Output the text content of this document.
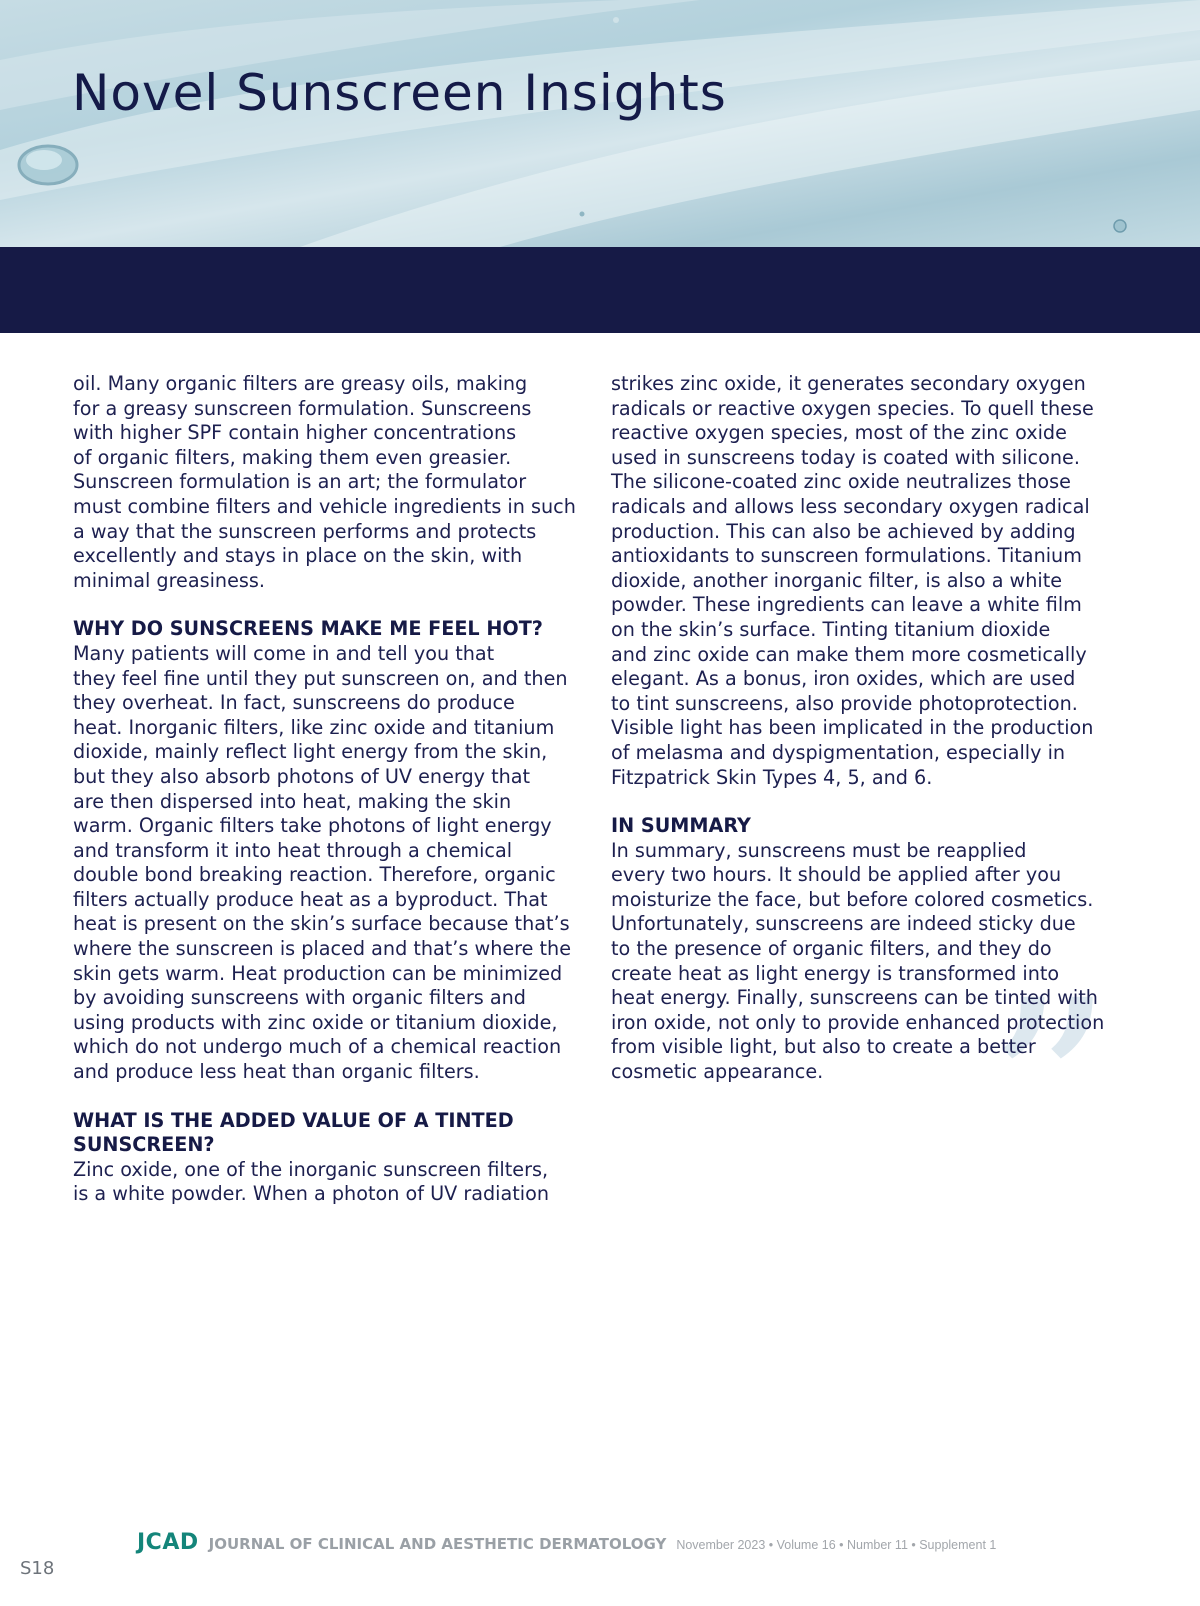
Novel Sunscreen Insights
”

oil. Many organic filters are greasy oils, making
for a greasy sunscreen formulation. Sunscreens
with higher SPF contain higher concentrations
of organic filters, making them even greasier.
Sunscreen formulation is an art; the formulator
must combine filters and vehicle ingredients in such
a way that the sunscreen performs and protects
excellently and stays in place on the skin, with
minimal greasiness.

WHY DO SUNSCREENS MAKE ME FEEL HOT?

Many patients will come in and tell you that
they feel fine until they put sunscreen on, and then
they overheat. In fact, sunscreens do produce
heat. Inorganic filters, like zinc oxide and titanium
dioxide, mainly reflect light energy from the skin,
but they also absorb photons of UV energy that
are then dispersed into heat, making the skin
warm. Organic filters take photons of light energy
and transform it into heat through a chemical
double bond breaking reaction. Therefore, organic
filters actually produce heat as a byproduct. That
heat is present on the skin’s surface because that’s
where the sunscreen is placed and that’s where the
skin gets warm. Heat production can be minimized
by avoiding sunscreens with organic filters and
using products with zinc oxide or titanium dioxide,
which do not undergo much of a chemical reaction
and produce less heat than organic filters.

WHAT IS THE ADDED VALUE OF A TINTED
SUNSCREEN?

Zinc oxide, one of the inorganic sunscreen filters,
is a white powder. When a photon of UV radiation

strikes zinc oxide, it generates secondary oxygen
radicals or reactive oxygen species. To quell these
reactive oxygen species, most of the zinc oxide
used in sunscreens today is coated with silicone.
The silicone-coated zinc oxide neutralizes those
radicals and allows less secondary oxygen radical
production. This can also be achieved by adding
antioxidants to sunscreen formulations. Titanium
dioxide, another inorganic filter, is also a white
powder. These ingredients can leave a white film
on the skin’s surface. Tinting titanium dioxide
and zinc oxide can make them more cosmetically
elegant. As a bonus, iron oxides, which are used
to tint sunscreens, also provide photoprotection.
Visible light has been implicated in the production
of melasma and dyspigmentation, especially in
Fitzpatrick Skin Types 4, 5, and 6.

IN SUMMARY

In summary, sunscreens must be reapplied
every two hours. It should be applied after you
moisturize the face, but before colored cosmetics.
Unfortunately, sunscreens are indeed sticky due
to the presence of organic filters, and they do
create heat as light energy is transformed into
heat energy. Finally, sunscreens can be tinted with
iron oxide, not only to provide enhanced protection
from visible light, but also to create a better
cosmetic appearance.

JCAD JOURNAL OF CLINICAL AND AESTHETIC DERMATOLOGY November 2023 • Volume 16 • Number 11 • Supplement 1
S18
